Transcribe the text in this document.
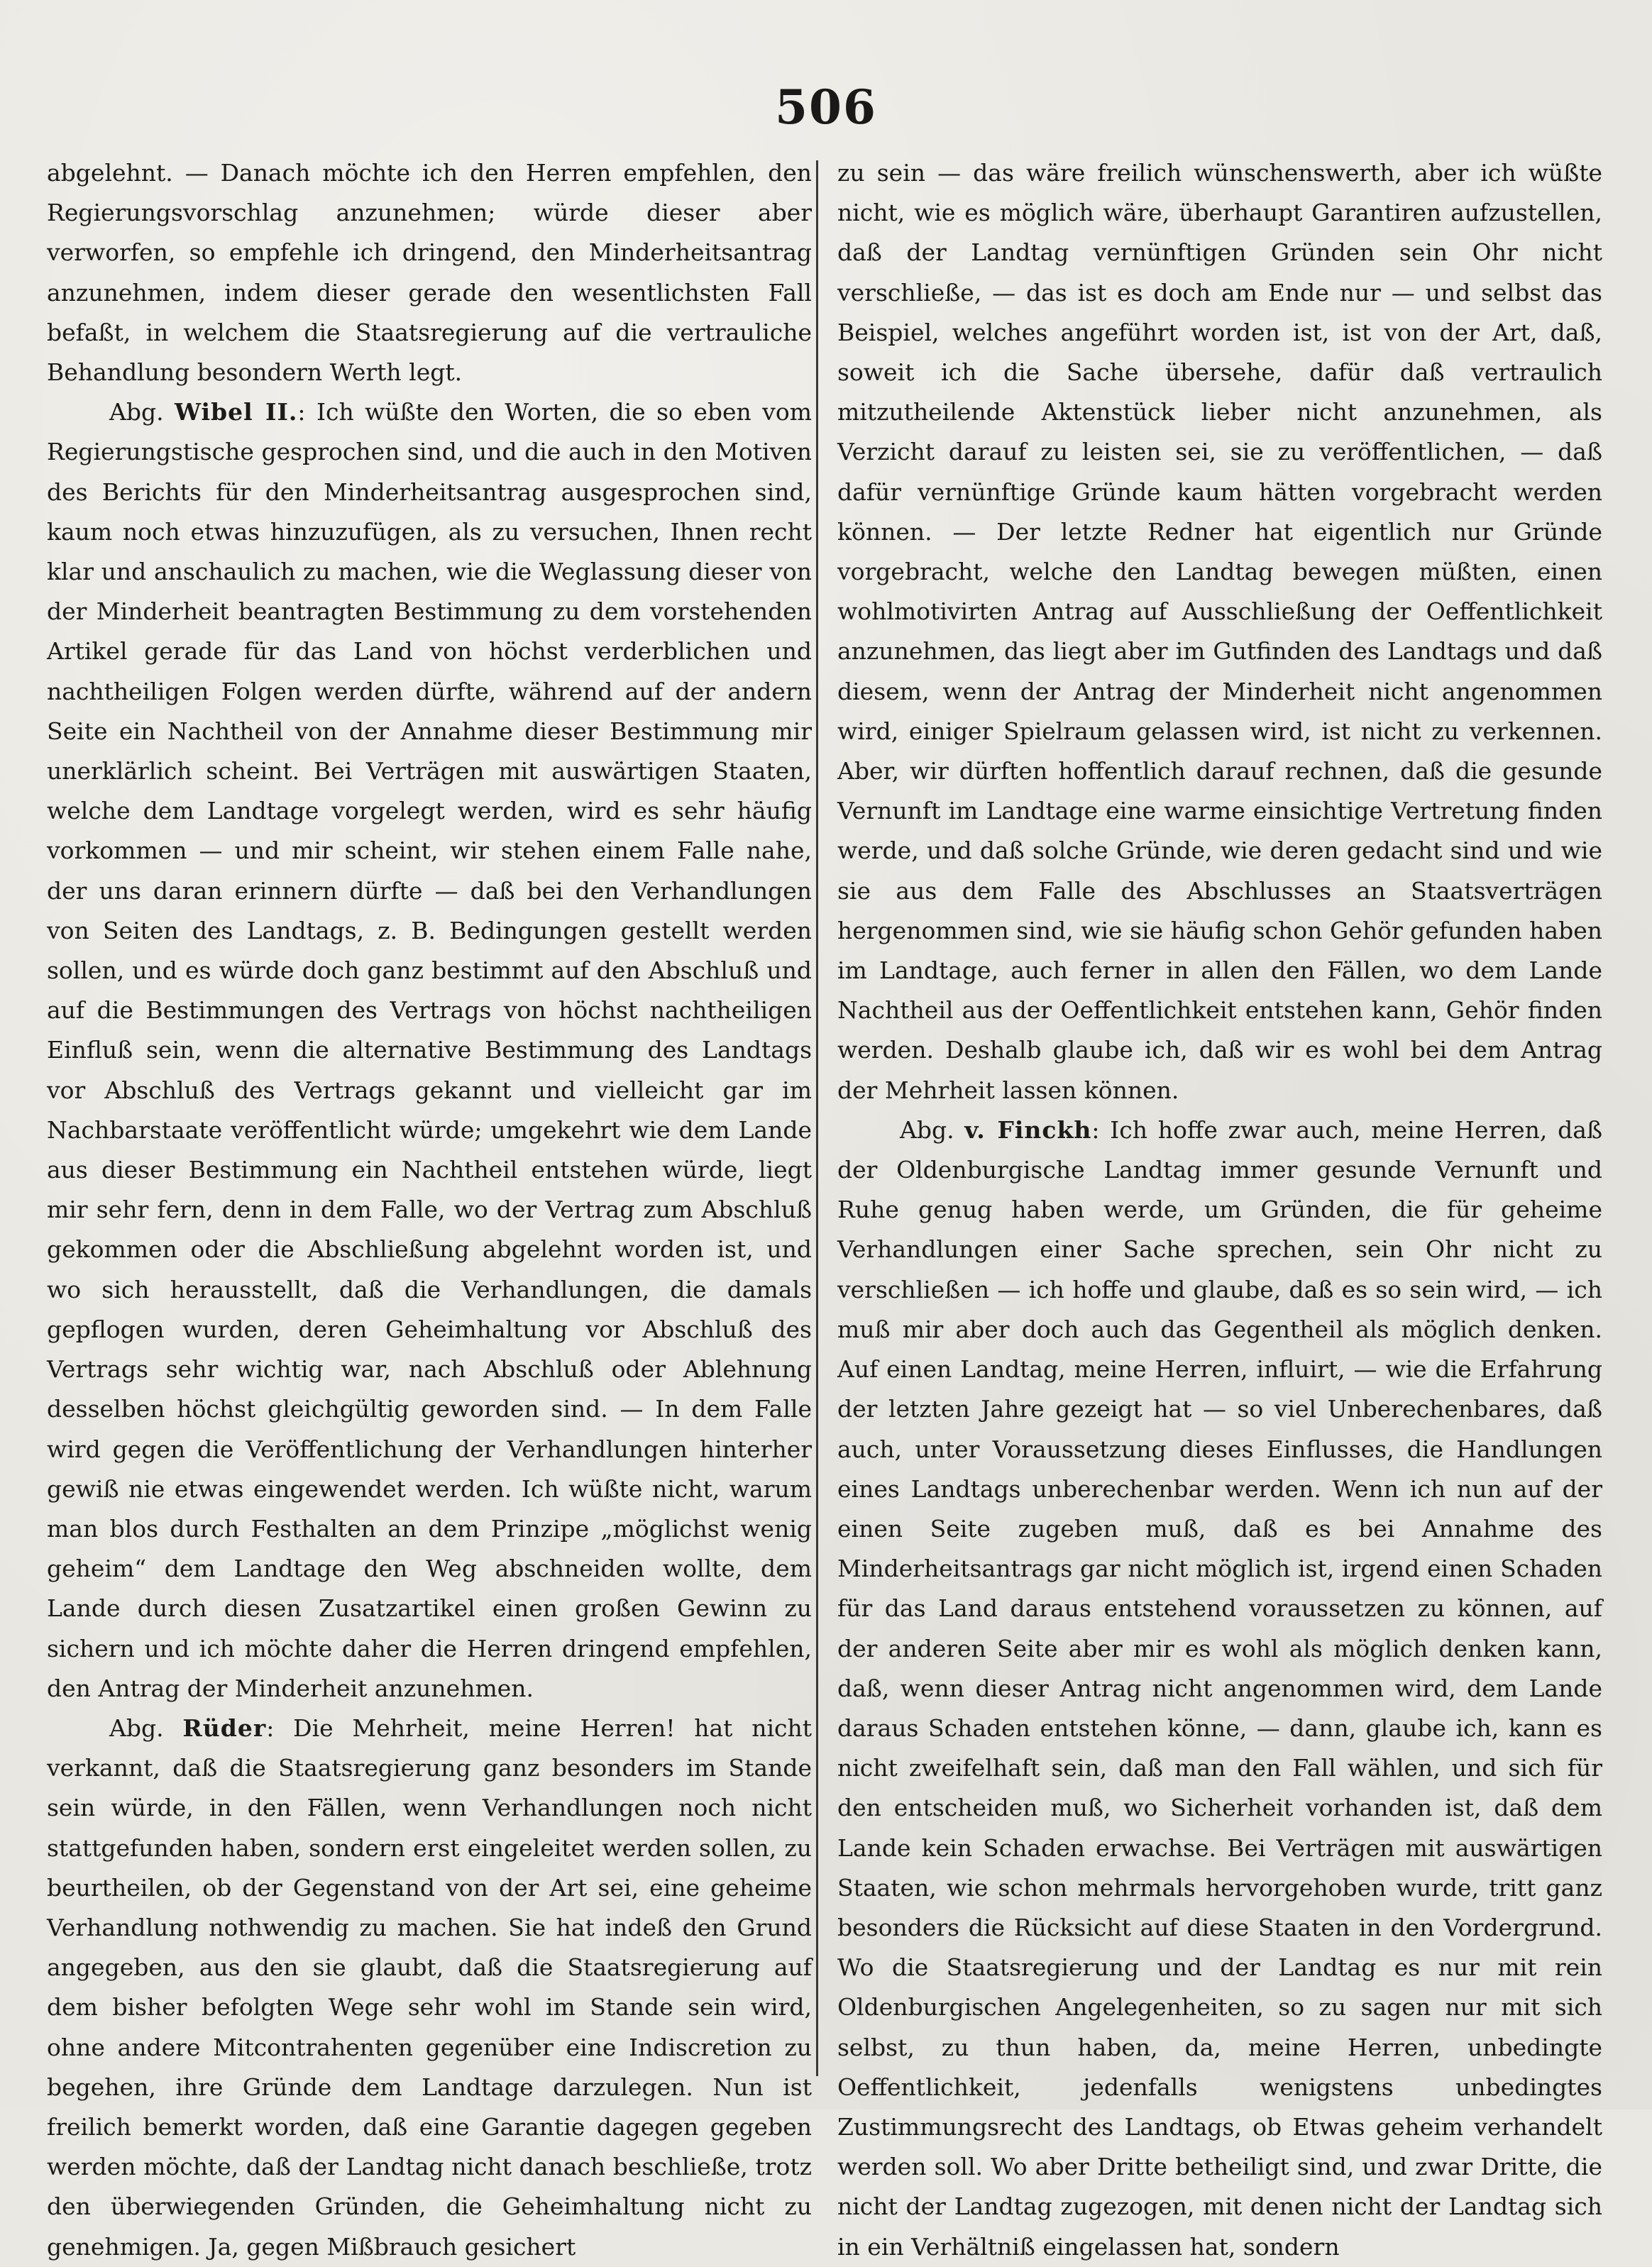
506

abgelehnt. — Danach möchte ich den Herren empfehlen, den Regierungsvorschlag anzunehmen; würde dieser aber verworfen, so empfehle ich dringend, den Minderheitsantrag anzunehmen, indem dieser gerade den wesentlichsten Fall befaßt, in welchem die Staatsregierung auf die vertrauliche Behandlung besondern Werth legt.

Abg. Wibel II.: Ich wüßte den Worten, die so eben vom Regierungstische gesprochen sind, und die auch in den Motiven des Berichts für den Minderheitsantrag ausgesprochen sind, kaum noch etwas hinzuzufügen, als zu versuchen, Ihnen recht klar und anschaulich zu machen, wie die Weglassung dieser von der Minderheit beantragten Bestimmung zu dem vorstehenden Artikel gerade für das Land von höchst verderblichen und nachtheiligen Folgen werden dürfte, während auf der andern Seite ein Nachtheil von der Annahme dieser Bestimmung mir unerklärlich scheint. Bei Verträgen mit auswärtigen Staaten, welche dem Landtage vorgelegt werden, wird es sehr häufig vorkommen — und mir scheint, wir stehen einem Falle nahe, der uns daran erinnern dürfte — daß bei den Verhandlungen von Seiten des Landtags, z. B. Bedingungen gestellt werden sollen, und es würde doch ganz bestimmt auf den Abschluß und auf die Bestimmungen des Vertrags von höchst nachtheiligen Einfluß sein, wenn die alternative Bestimmung des Landtags vor Abschluß des Vertrags gekannt und vielleicht gar im Nachbarstaate veröffentlicht würde; umgekehrt wie dem Lande aus dieser Bestimmung ein Nachtheil entstehen würde, liegt mir sehr fern, denn in dem Falle, wo der Vertrag zum Abschluß gekommen oder die Abschließung abgelehnt worden ist, und wo sich herausstellt, daß die Verhandlungen, die damals gepflogen wurden, deren Geheimhaltung vor Abschluß des Vertrags sehr wichtig war, nach Abschluß oder Ablehnung desselben höchst gleichgültig geworden sind. — In dem Falle wird gegen die Veröffentlichung der Verhandlungen hinterher gewiß nie etwas eingewendet werden. Ich wüßte nicht, warum man blos durch Festhalten an dem Prinzipe „möglichst wenig geheim“ dem Landtage den Weg abschneiden wollte, dem Lande durch diesen Zusatzartikel einen großen Gewinn zu sichern und ich möchte daher die Herren dringend empfehlen, den Antrag der Minderheit anzunehmen.

Abg. Rüder: Die Mehrheit, meine Herren! hat nicht verkannt, daß die Staatsregierung ganz besonders im Stande sein würde, in den Fällen, wenn Verhandlungen noch nicht stattgefunden haben, sondern erst eingeleitet werden sollen, zu beurtheilen, ob der Gegenstand von der Art sei, eine geheime Verhandlung nothwendig zu machen. Sie hat indeß den Grund angegeben, aus den sie glaubt, daß die Staatsregierung auf dem bisher befolgten Wege sehr wohl im Stande sein wird, ohne andere Mitcontrahenten gegenüber eine Indiscretion zu begehen, ihre Gründe dem Landtage darzulegen. Nun ist freilich bemerkt worden, daß eine Garantie dagegen gegeben werden möchte, daß der Landtag nicht danach beschließe, trotz den überwiegenden Gründen, die Geheimhaltung nicht zu genehmigen. Ja, gegen Mißbrauch gesichert

zu sein — das wäre freilich wünschenswerth, aber ich wüßte nicht, wie es möglich wäre, überhaupt Garantiren aufzustellen, daß der Landtag vernünftigen Gründen sein Ohr nicht verschließe, — das ist es doch am Ende nur — und selbst das Beispiel, welches angeführt worden ist, ist von der Art, daß, soweit ich die Sache übersehe, dafür daß vertraulich mitzutheilende Aktenstück lieber nicht anzunehmen, als Verzicht darauf zu leisten sei, sie zu veröffentlichen, — daß dafür vernünftige Gründe kaum hätten vorgebracht werden können. — Der letzte Redner hat eigentlich nur Gründe vorgebracht, welche den Landtag bewegen müßten, einen wohlmotivirten Antrag auf Ausschließung der Oeffentlichkeit anzunehmen, das liegt aber im Gutfinden des Landtags und daß diesem, wenn der Antrag der Minderheit nicht angenommen wird, einiger Spielraum gelassen wird, ist nicht zu verkennen. Aber, wir dürften hoffentlich darauf rechnen, daß die gesunde Vernunft im Landtage eine warme einsichtige Vertretung finden werde, und daß solche Gründe, wie deren gedacht sind und wie sie aus dem Falle des Abschlusses an Staatsverträgen hergenommen sind, wie sie häufig schon Gehör gefunden haben im Landtage, auch ferner in allen den Fällen, wo dem Lande Nachtheil aus der Oeffentlichkeit entstehen kann, Gehör finden werden. Deshalb glaube ich, daß wir es wohl bei dem Antrag der Mehrheit lassen können.

Abg. v. Finckh: Ich hoffe zwar auch, meine Herren, daß der Oldenburgische Landtag immer gesunde Vernunft und Ruhe genug haben werde, um Gründen, die für geheime Verhandlungen einer Sache sprechen, sein Ohr nicht zu verschließen — ich hoffe und glaube, daß es so sein wird, — ich muß mir aber doch auch das Gegentheil als möglich denken. Auf einen Landtag, meine Herren, influirt, — wie die Erfahrung der letzten Jahre gezeigt hat — so viel Unberechenbares, daß auch, unter Voraussetzung dieses Einflusses, die Handlungen eines Landtags unberechenbar werden. Wenn ich nun auf der einen Seite zugeben muß, daß es bei Annahme des Minderheitsantrags gar nicht möglich ist, irgend einen Schaden für das Land daraus entstehend voraussetzen zu können, auf der anderen Seite aber mir es wohl als möglich denken kann, daß, wenn dieser Antrag nicht angenommen wird, dem Lande daraus Schaden entstehen könne, — dann, glaube ich, kann es nicht zweifelhaft sein, daß man den Fall wählen, und sich für den entscheiden muß, wo Sicherheit vorhanden ist, daß dem Lande kein Schaden erwachse. Bei Verträgen mit auswärtigen Staaten, wie schon mehrmals hervorgehoben wurde, tritt ganz besonders die Rücksicht auf diese Staaten in den Vordergrund. Wo die Staatsregierung und der Landtag es nur mit rein Oldenburgischen Angelegenheiten, so zu sagen nur mit sich selbst, zu thun haben, da, meine Herren, unbedingte Oeffentlichkeit, jedenfalls wenigstens unbedingtes Zustimmungsrecht des Landtags, ob Etwas geheim verhandelt werden soll. Wo aber Dritte betheiligt sind, und zwar Dritte, die nicht der Landtag zugezogen, mit denen nicht der Landtag sich in ein Verhältniß eingelassen hat, sondern
